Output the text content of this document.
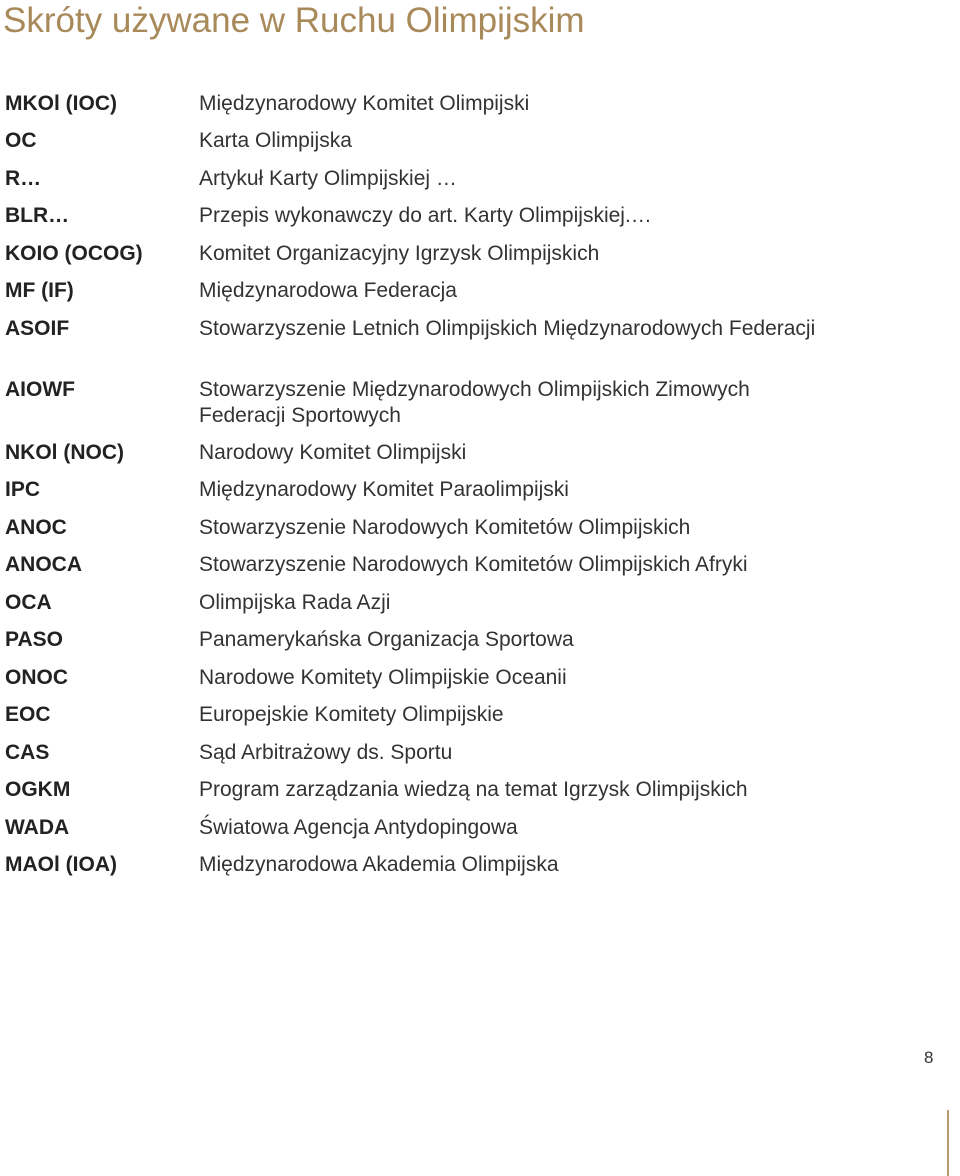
Skróty używane w Ruchu Olimpijskim
MKOl (IOC)	Międzynarodowy Komitet Olimpijski
OC	Karta Olimpijska
R…	Artykuł Karty Olimpijskiej …
BLR…	Przepis wykonawczy do art. Karty Olimpijskiej.…
KOIO (OCOG)	Komitet Organizacyjny Igrzysk Olimpijskich
MF (IF)	Międzynarodowa Federacja
ASOIF	Stowarzyszenie Letnich Olimpijskich Międzynarodowych Federacji
AIOWF	Stowarzyszenie Międzynarodowych Olimpijskich Zimowych Federacji Sportowych
NKOl (NOC)	Narodowy Komitet Olimpijski
IPC	Międzynarodowy Komitet Paraolimpijski
ANOC	Stowarzyszenie Narodowych Komitetów Olimpijskich
ANOCA	Stowarzyszenie Narodowych Komitetów Olimpijskich Afryki
OCA	Olimpijska Rada Azji
PASO	Panamerykańska Organizacja Sportowa
ONOC	Narodowe Komitety Olimpijskie Oceanii
EOC	Europejskie Komitety Olimpijskie
CAS	Sąd Arbitrażowy ds. Sportu
OGKM	Program zarządzania wiedzą na temat Igrzysk Olimpijskich
WADA	Światowa Agencja Antydopingowa
MAOl (IOA)	Międzynarodowa Akademia Olimpijska
8
